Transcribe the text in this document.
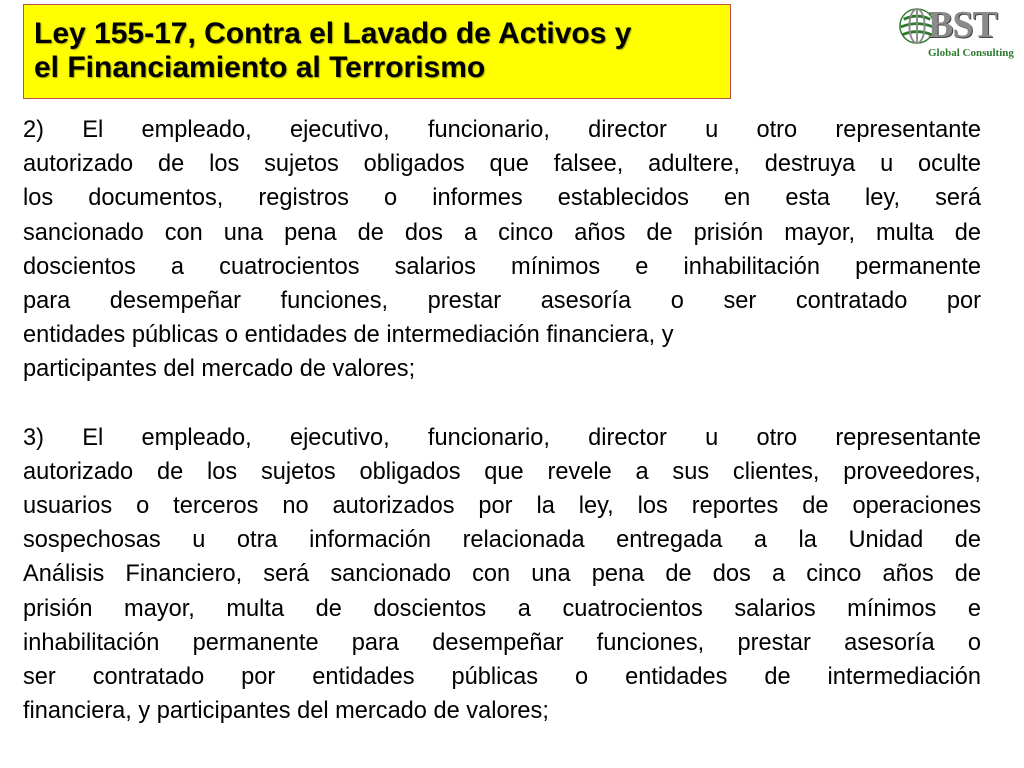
Ley 155-17, Contra el Lavado de Activos y
el Financiamiento al Terrorismo
BST
Global Consulting

2) El empleado, ejecutivo, funcionario, director u otro representante
autorizado de los sujetos obligados que falsee, adultere, destruya u oculte
los documentos, registros o informes establecidos en esta ley, será
sancionado con una pena de dos a cinco años de prisión mayor, multa de
doscientos a cuatrocientos salarios mínimos e inhabilitación permanente
para desempeñar funciones, prestar asesoría o ser contratado por
entidades públicas o entidades de intermediación financiera, y
participantes del mercado de valores;

3) El empleado, ejecutivo, funcionario, director u otro representante
autorizado de los sujetos obligados que revele a sus clientes, proveedores,
usuarios o terceros no autorizados por la ley, los reportes de operaciones
sospechosas u otra información relacionada entregada a la Unidad de
Análisis Financiero, será sancionado con una pena de dos a cinco años de
prisión mayor, multa de doscientos a cuatrocientos salarios mínimos e
inhabilitación permanente para desempeñar funciones, prestar asesoría o
ser contratado por entidades públicas o entidades de intermediación
financiera, y participantes del mercado de valores;
